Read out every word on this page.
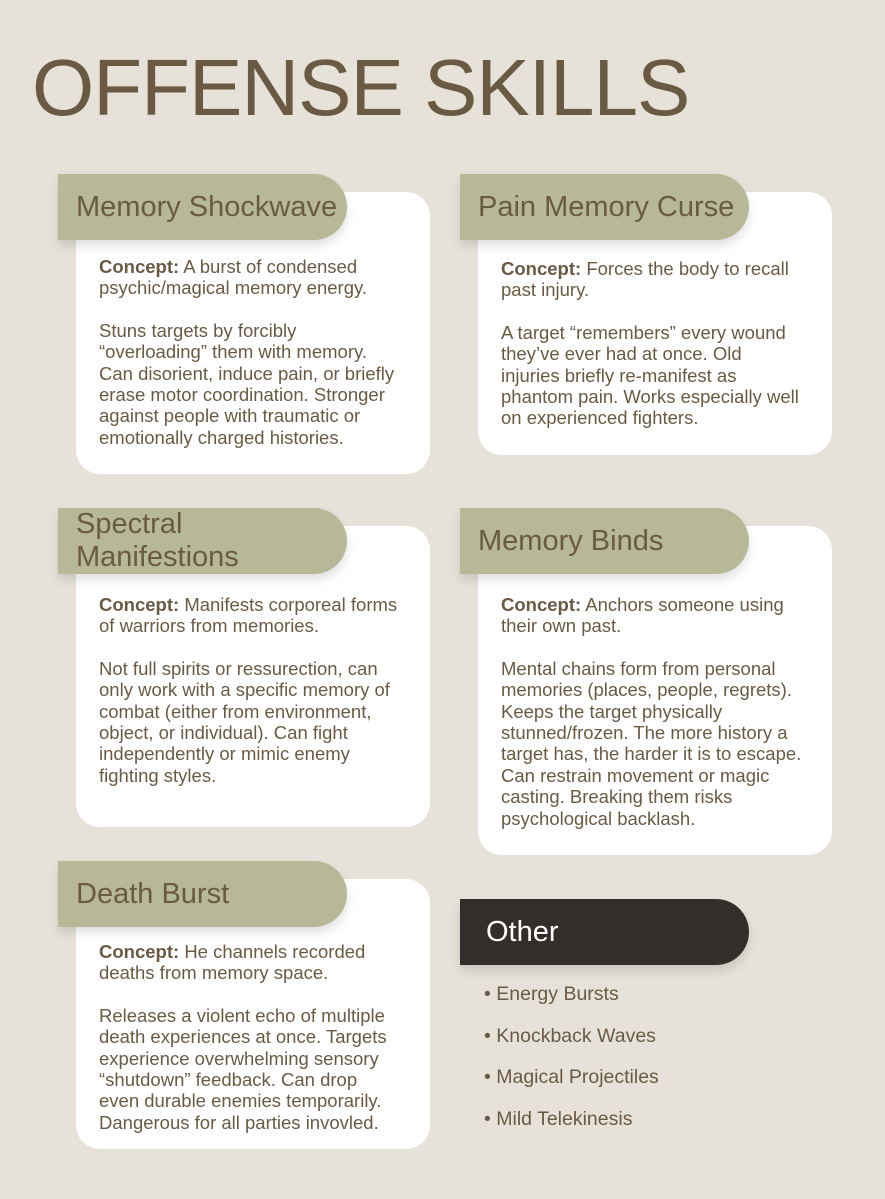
OFFENSE SKILLS
Memory Shockwave

Concept: A burst of condensed psychic/magical memory energy.

Stuns targets by forcibly “overloading” them with memory. Can disorient, induce pain, or briefly erase motor coordination. Stronger against people with traumatic or emotionally charged histories.

Pain Memory Curse

Concept: Forces the body to recall past injury.

A target “remembers” every wound they’ve ever had at once. Old injuries briefly re-manifest as phantom pain. Works especially well on experienced fighters.

Spectral Manifestions

Concept: Manifests corporeal forms of warriors from memories.

Not full spirits or ressurection, can only work with a specific memory of combat (either from environment, object, or individual). Can fight independently or mimic enemy fighting styles.

Memory Binds

Concept: Anchors someone using their own past.

Mental chains form from personal memories (places, people, regrets). Keeps the target physically stunned/frozen. The more history a target has, the harder it is to escape. Can restrain movement or magic casting. Breaking them risks psychological backlash.

Death Burst

Concept: He channels recorded deaths from memory space.

Releases a violent echo of multiple death experiences at once. Targets experience overwhelming sensory “shutdown” feedback. Can drop even durable enemies temporarily. Dangerous for all parties invovled.

Other
• Energy Bursts
• Knockback Waves
• Magical Projectiles
• Mild Telekinesis
